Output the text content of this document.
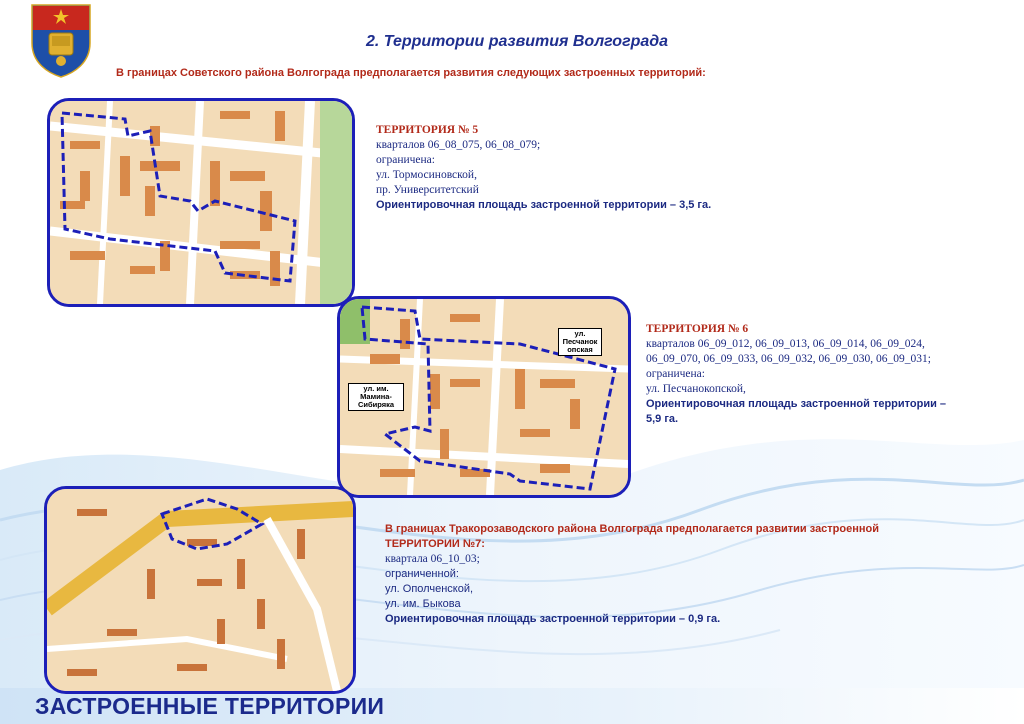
2. Территории развития Волгограда
В границах Советского района Волгограда предполагается развития следующих застроенных территорий:
ТЕРРИТОРИЯ № 5
кварталов 06_08_075, 06_08_079;
ограничена:
ул. Тормосиновской,
пр. Университетский
Ориентировочная площадь застроенной территории – 3,5 га.
ул. Песчанок опская
ул. им. Мамина-Сибиряка
ТЕРРИТОРИЯ № 6
кварталов 06_09_012, 06_09_013, 06_09_014, 06_09_024,
06_09_070, 06_09_033, 06_09_032, 06_09_030, 06_09_031;
ограничена:
ул. Песчанокопской,
Ориентировочная площадь застроенной территории –
5,9 га.
В границах Тракорозаводского района Волгограда предполагается развитии застроенной
ТЕРРИТОРИИ №7:
квартала 06_10_03;
ограниченной:
ул. Ополченской,
ул. им. Быкова
Ориентировочная площадь застроенной территории – 0,9 га.
ЗАСТРОЕННЫЕ ТЕРРИТОРИИ
